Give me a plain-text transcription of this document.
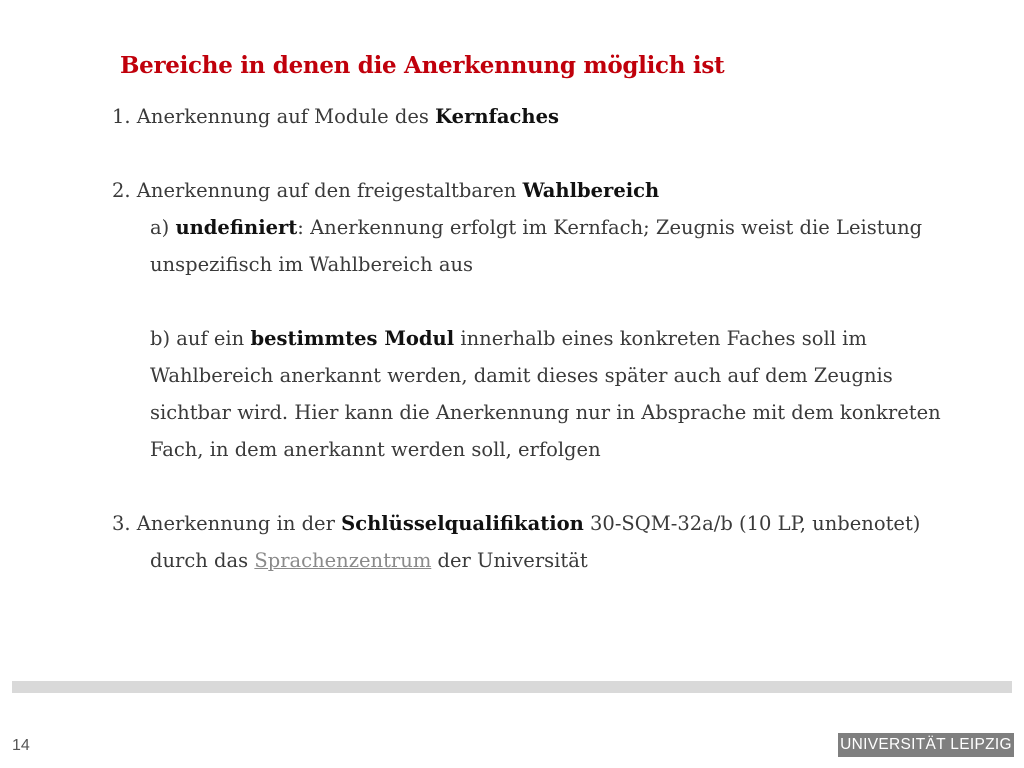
Bereiche in denen die Anerkennung möglich ist
1. Anerkennung auf Module des Kernfaches
2. Anerkennung auf den freigestaltbaren Wahlbereich
a) undefiniert: Anerkennung erfolgt im Kernfach; Zeugnis weist die Leistung
unspezifisch im Wahlbereich aus
b) auf ein bestimmtes Modul innerhalb eines konkreten Faches soll im
Wahlbereich anerkannt werden, damit dieses später auch auf dem Zeugnis
sichtbar wird. Hier kann die Anerkennung nur in Absprache mit dem konkreten
Fach, in dem anerkannt werden soll, erfolgen
3. Anerkennung in der Schlüsselqualifikation 30-SQM-32a/b (10 LP, unbenotet)
durch das Sprachenzentrum der Universität
14	UNIVERSITÄT LEIPZIG
